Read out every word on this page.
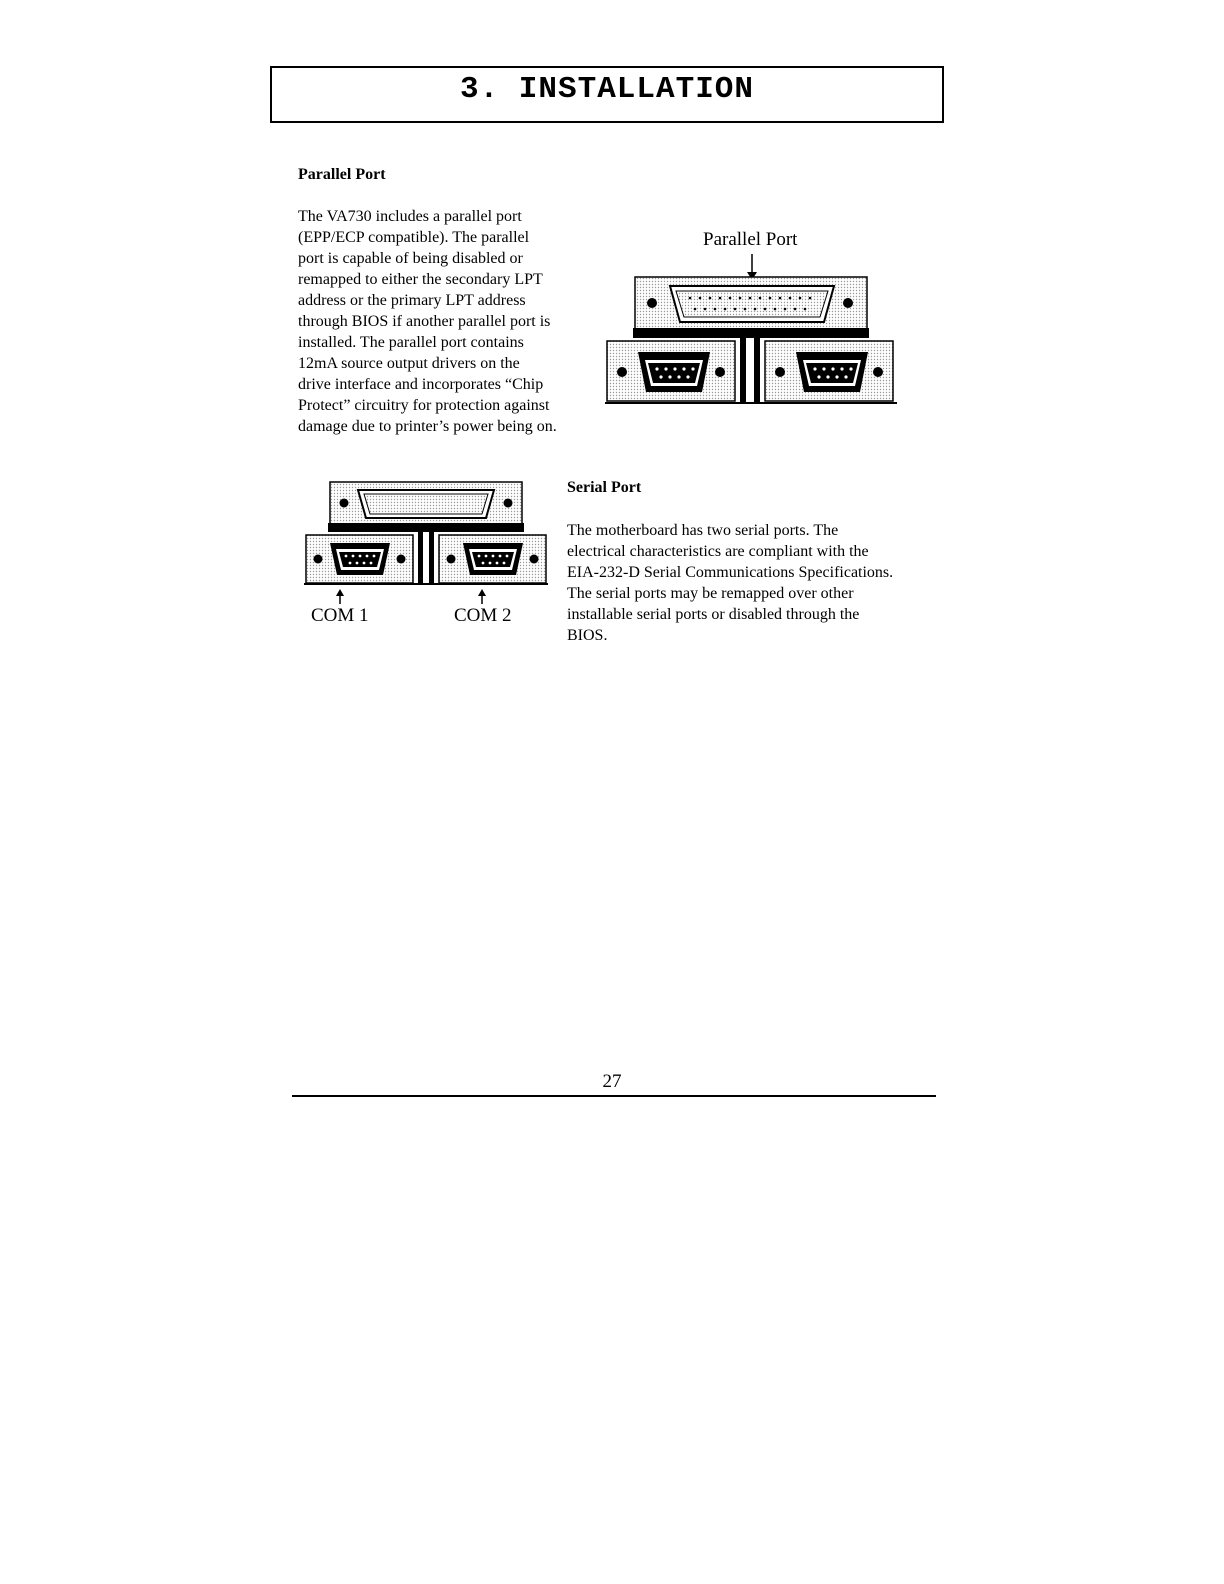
3. INSTALLATION
Parallel Port
The VA730 includes a parallel port
(EPP/ECP compatible). The parallel
port is capable of being disabled or
remapped to either the secondary LPT
address or the primary LPT address
through BIOS if another parallel port is
installed. The parallel port contains
12mA source output drivers on the
drive interface and incorporates “Chip
Protect” circuitry for protection against
damage due to printer’s power being on.
Parallel Port
COM 1	COM 2
Serial Port
The motherboard has two serial ports. The
electrical characteristics are compliant with the
EIA-232-D Serial Communications Specifications.
The serial ports may be remapped over other
installable serial ports or disabled through the
BIOS.
27
